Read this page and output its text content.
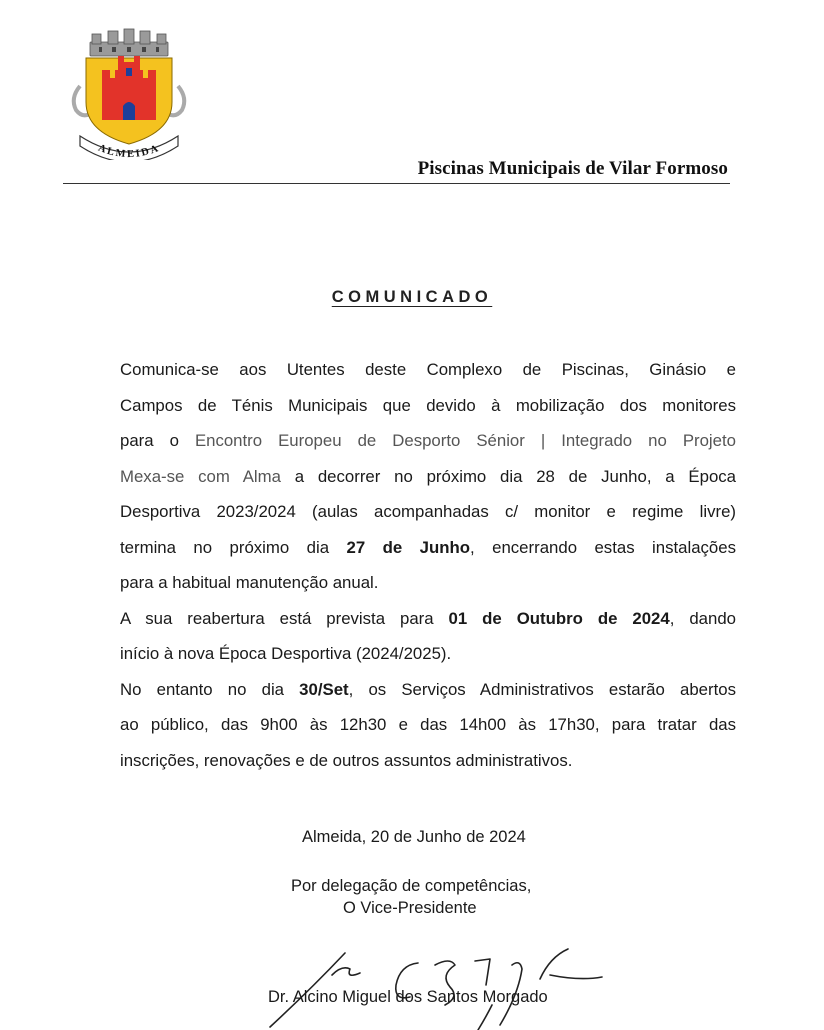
ALMEIDA
Piscinas Municipais de Vilar Formoso
COMUNICADO

Comunica-se aos Utentes deste Complexo de Piscinas, Ginásio e

Campos de Ténis Municipais que devido à mobilização dos monitores

para o Encontro Europeu de Desporto Sénior | Integrado no Projeto

Mexa-se com Alma a decorrer no próximo dia 28 de Junho, a Época

Desportiva 2023/2024 (aulas acompanhadas c/ monitor e regime livre)

termina no próximo dia 27 de Junho, encerrando estas instalações

para a habitual manutenção anual.

A sua reabertura está prevista para 01 de Outubro de 2024, dando

início à nova Época Desportiva (2024/2025).

No entanto no dia 30/Set, os Serviços Administrativos estarão abertos

ao público, das 9h00 às 12h30 e das 14h00 às 17h30, para tratar das

inscrições, renovações e de outros assuntos administrativos.

Almeida, 20 de Junho de 2024
Por delegação de competências,
O Vice-Presidente
Dr. Alcino Miguel dos Santos Morgado
